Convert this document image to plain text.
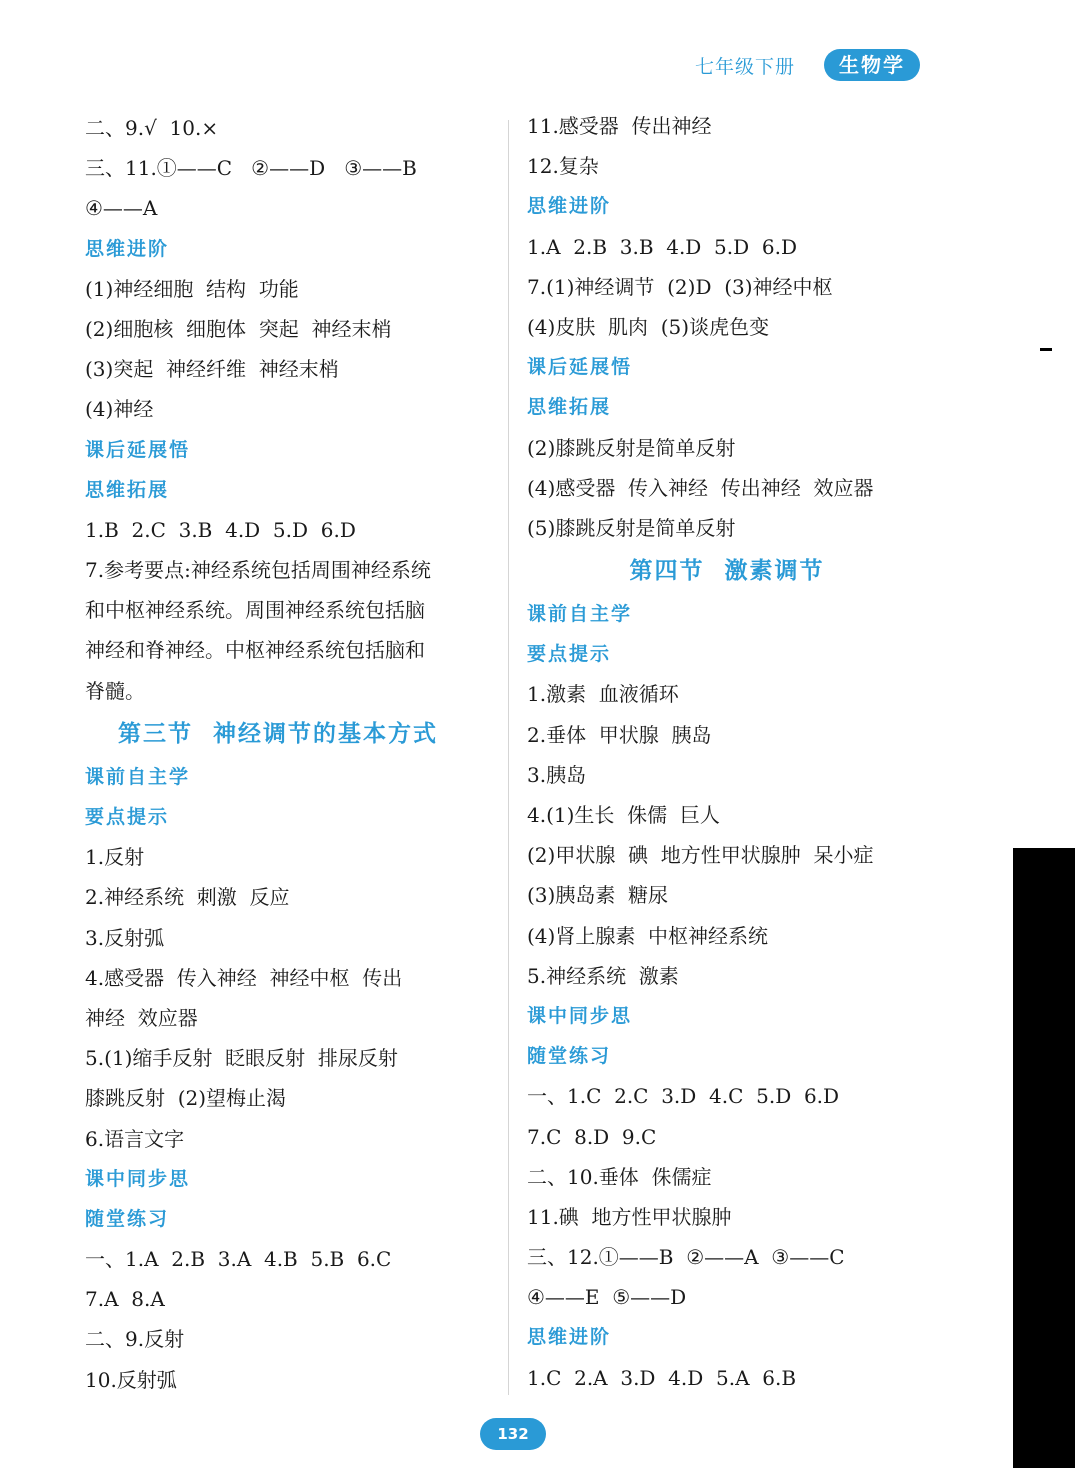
七年级下册	生物学
二、9.√  10.×
三、11.①——C   ②——D   ③——B
④——A
思维进阶
(1)神经细胞  结构  功能
(2)细胞核  细胞体  突起  神经末梢
(3)突起  神经纤维  神经末梢
(4)神经
课后延展悟
思维拓展
1.B  2.C  3.B  4.D  5.D  6.D
7.参考要点:神经系统包括周围神经系统
和中枢神经系统。周围神经系统包括脑
神经和脊神经。中枢神经系统包括脑和
脊髓。
第三节  神经调节的基本方式
课前自主学
要点提示
1.反射
2.神经系统  刺激  反应
3.反射弧
4.感受器  传入神经  神经中枢  传出
神经  效应器
5.(1)缩手反射  眨眼反射  排尿反射
膝跳反射  (2)望梅止渴
6.语言文字
课中同步思
随堂练习
一、1.A  2.B  3.A  4.B  5.B  6.C
7.A  8.A
二、9.反射
10.反射弧
11.感受器  传出神经
12.复杂
思维进阶
1.A  2.B  3.B  4.D  5.D  6.D
7.(1)神经调节  (2)D  (3)神经中枢
(4)皮肤  肌肉  (5)谈虎色变
课后延展悟
思维拓展
(2)膝跳反射是简单反射
(4)感受器  传入神经  传出神经  效应器
(5)膝跳反射是简单反射
第四节  激素调节
课前自主学
要点提示
1.激素  血液循环
2.垂体  甲状腺  胰岛
3.胰岛
4.(1)生长  侏儒  巨人
(2)甲状腺  碘  地方性甲状腺肿  呆小症
(3)胰岛素  糖尿
(4)肾上腺素  中枢神经系统
5.神经系统  激素
课中同步思
随堂练习
一、1.C  2.C  3.D  4.C  5.D  6.D
7.C  8.D  9.C
二、10.垂体  侏儒症
11.碘  地方性甲状腺肿
三、12.①——B  ②——A  ③——C
④——E  ⑤——D
思维进阶
1.C  2.A  3.D  4.D  5.A  6.B
132
